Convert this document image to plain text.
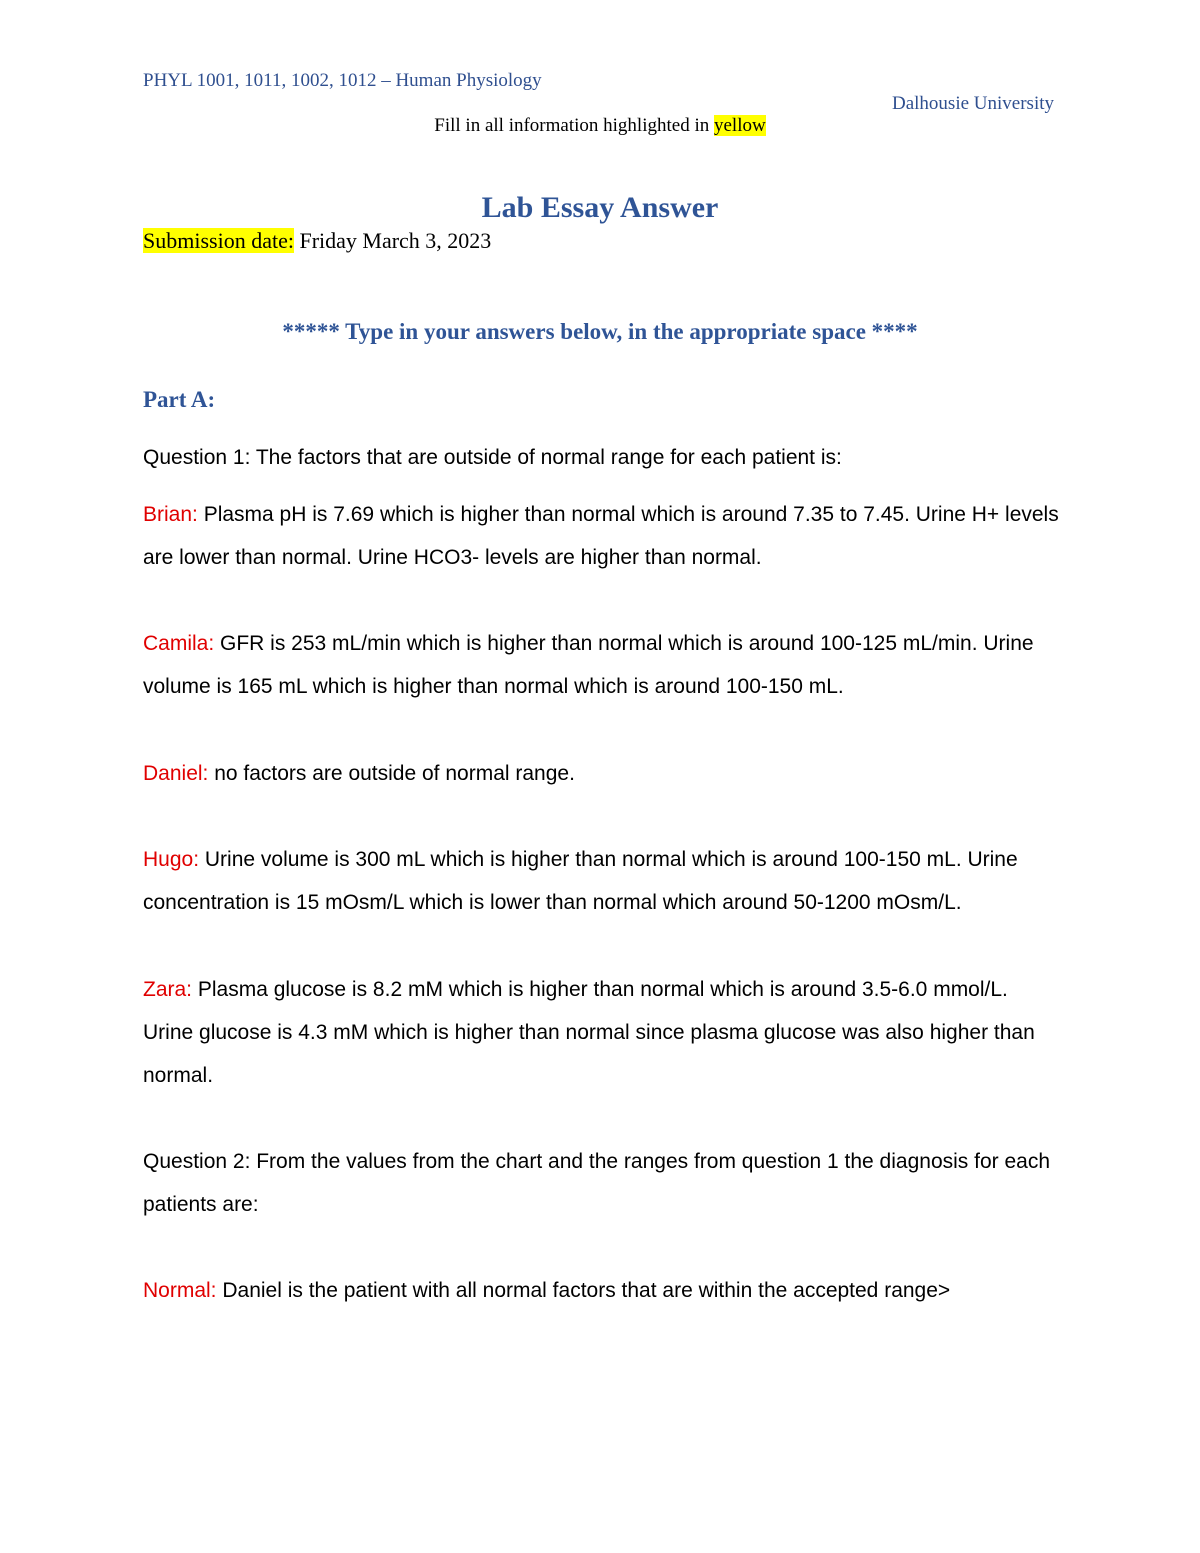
PHYL 1001, 1011, 1002, 1012 – Human Physiology
Dalhousie University
Fill in all information highlighted in yellow
Lab Essay Answer
Submission date: Friday March 3, 2023
***** Type in your answers below, in the appropriate space ****
Part A:
Question 1: The factors that are outside of normal range for each patient is:
Brian: Plasma pH is 7.69 which is higher than normal which is around 7.35 to 7.45. Urine H+ levels are lower than normal. Urine HCO3- levels are higher than normal.
Camila: GFR is 253 mL/min which is higher than normal which is around 100-125 mL/min. Urine volume is 165 mL which is higher than normal which is around 100-150 mL.
Daniel: no factors are outside of normal range.
Hugo: Urine volume is 300 mL which is higher than normal which is around 100-150 mL. Urine concentration is 15 mOsm/L which is lower than normal which around 50-1200 mOsm/L.
Zara: Plasma glucose is 8.2 mM which is higher than normal which is around 3.5-6.0 mmol/L. Urine glucose is 4.3 mM which is higher than normal since plasma glucose was also higher than normal.
Question 2: From the values from the chart and the ranges from question 1 the diagnosis for each patients are:
Normal: Daniel is the patient with all normal factors that are within the accepted range>
